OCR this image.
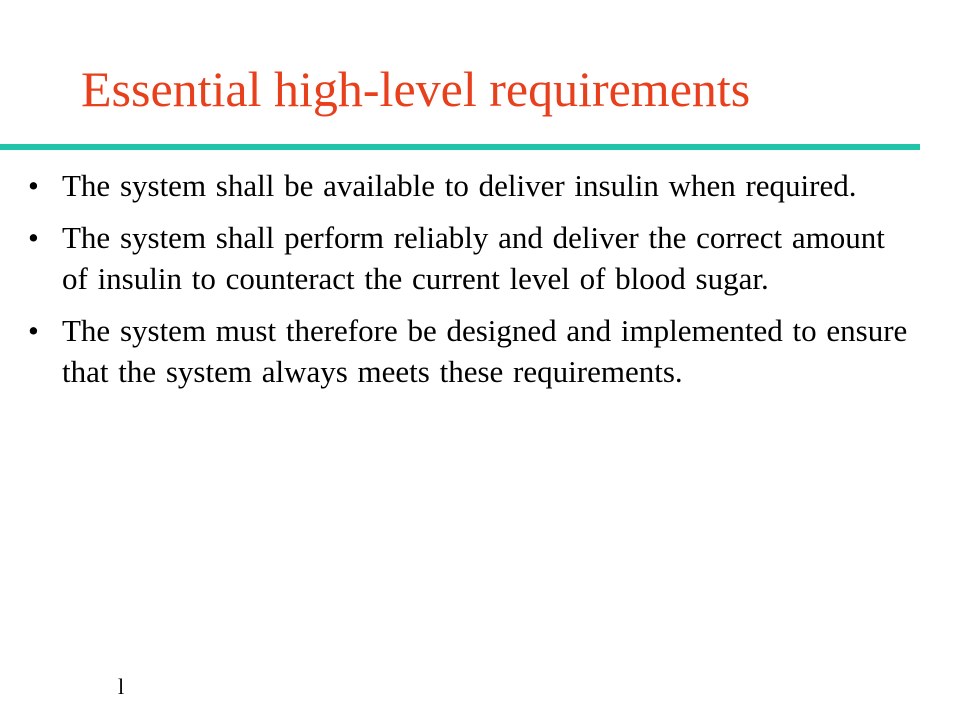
Essential high-level requirements
• The system shall be available to deliver insulin when required.
• The system shall perform reliably and deliver the correct amount of insulin to counteract the current level of blood sugar.
• The system must therefore be designed and implemented to ensure that the system always meets these requirements.
l
